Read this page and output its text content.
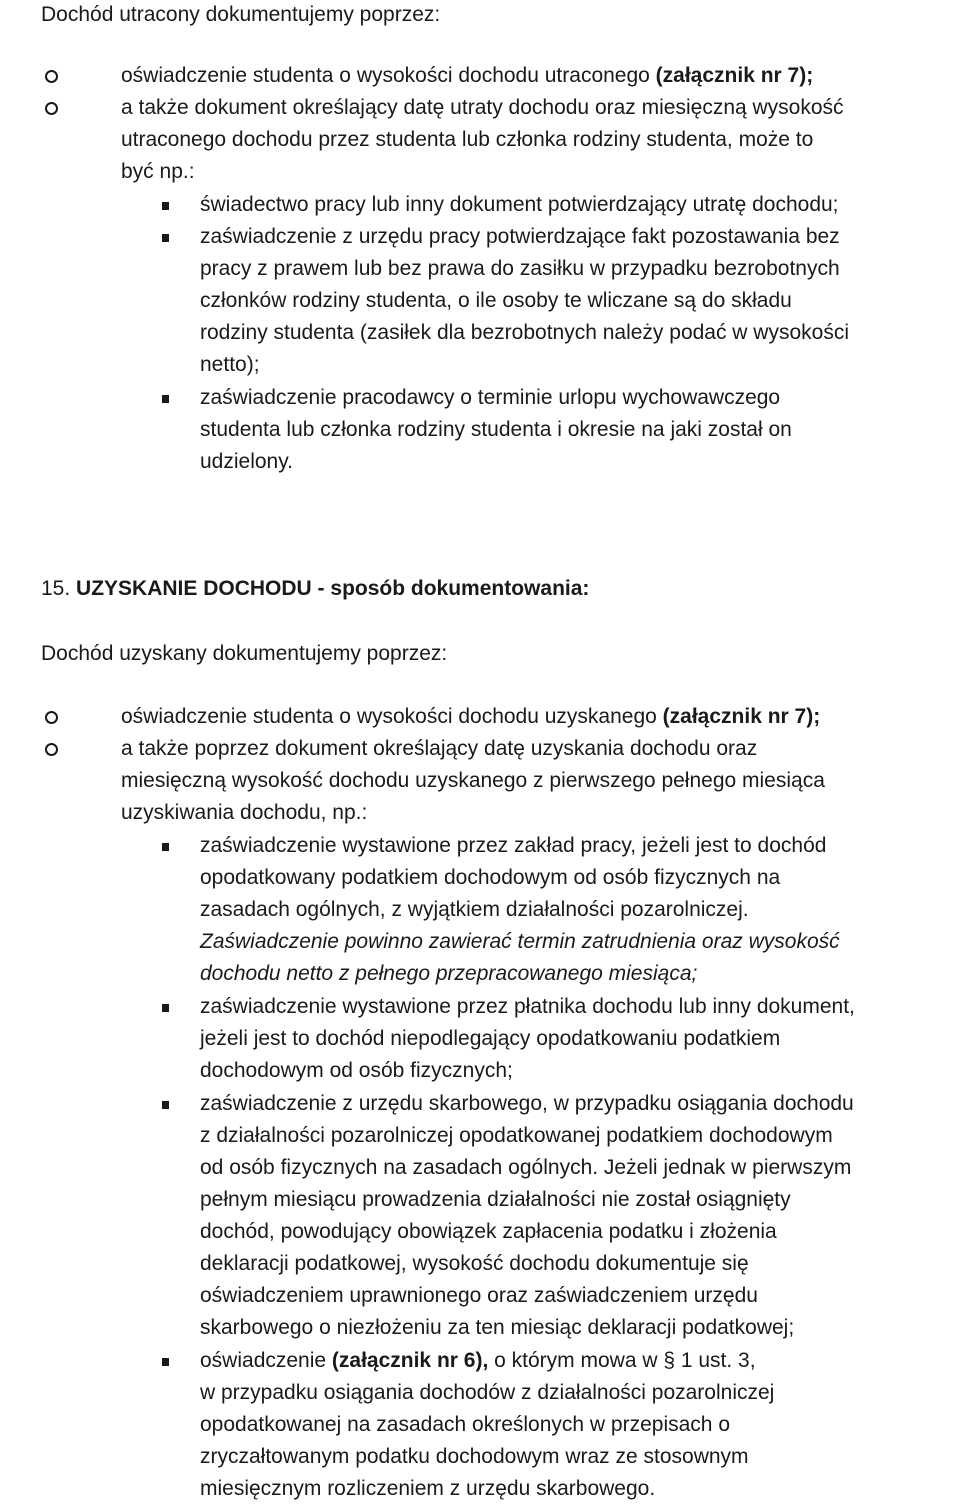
Dochód utracony dokumentujemy poprzez:
oświadczenie studenta o wysokości dochodu utraconego (załącznik nr 7);
a także dokument określający datę utraty dochodu oraz miesięczną wysokość
utraconego dochodu przez studenta lub członka rodziny studenta, może to
być np.:
świadectwo pracy lub inny dokument potwierdzający utratę dochodu;
zaświadczenie z urzędu pracy potwierdzające fakt pozostawania bez
pracy z prawem lub bez prawa do zasiłku w przypadku bezrobotnych
członków rodziny studenta, o ile osoby te wliczane są do składu
rodziny studenta (zasiłek dla bezrobotnych należy podać w wysokości
netto);
zaświadczenie pracodawcy o terminie urlopu wychowawczego
studenta lub członka rodziny studenta i okresie na jaki został on
udzielony.
15. UZYSKANIE DOCHODU - sposób dokumentowania:
Dochód uzyskany dokumentujemy poprzez:
oświadczenie studenta o wysokości dochodu uzyskanego (załącznik nr 7);
a także poprzez dokument określający datę uzyskania dochodu oraz
miesięczną wysokość dochodu uzyskanego z pierwszego pełnego miesiąca
uzyskiwania dochodu, np.:
zaświadczenie wystawione przez zakład pracy, jeżeli jest to dochód
opodatkowany podatkiem dochodowym od osób fizycznych na
zasadach ogólnych, z wyjątkiem działalności pozarolniczej.
Zaświadczenie powinno zawierać termin zatrudnienia oraz wysokość
dochodu netto z pełnego przepracowanego miesiąca;
zaświadczenie wystawione przez płatnika dochodu lub inny dokument,
jeżeli jest to dochód niepodlegający opodatkowaniu podatkiem
dochodowym od osób fizycznych;
zaświadczenie z urzędu skarbowego, w przypadku osiągania dochodu
z działalności pozarolniczej opodatkowanej podatkiem dochodowym
od osób fizycznych na zasadach ogólnych. Jeżeli jednak w pierwszym
pełnym miesiącu prowadzenia działalności nie został osiągnięty
dochód, powodujący obowiązek zapłacenia podatku i złożenia
deklaracji podatkowej, wysokość dochodu dokumentuje się
oświadczeniem uprawnionego oraz zaświadczeniem urzędu
skarbowego o niezłożeniu za ten miesiąc deklaracji podatkowej;
oświadczenie (załącznik nr 6), o którym mowa w § 1 ust. 3,
w przypadku osiągania dochodów z działalności pozarolniczej
opodatkowanej na zasadach określonych w przepisach o
zryczałtowanym podatku dochodowym wraz ze stosownym
miesięcznym rozliczeniem z urzędu skarbowego.
